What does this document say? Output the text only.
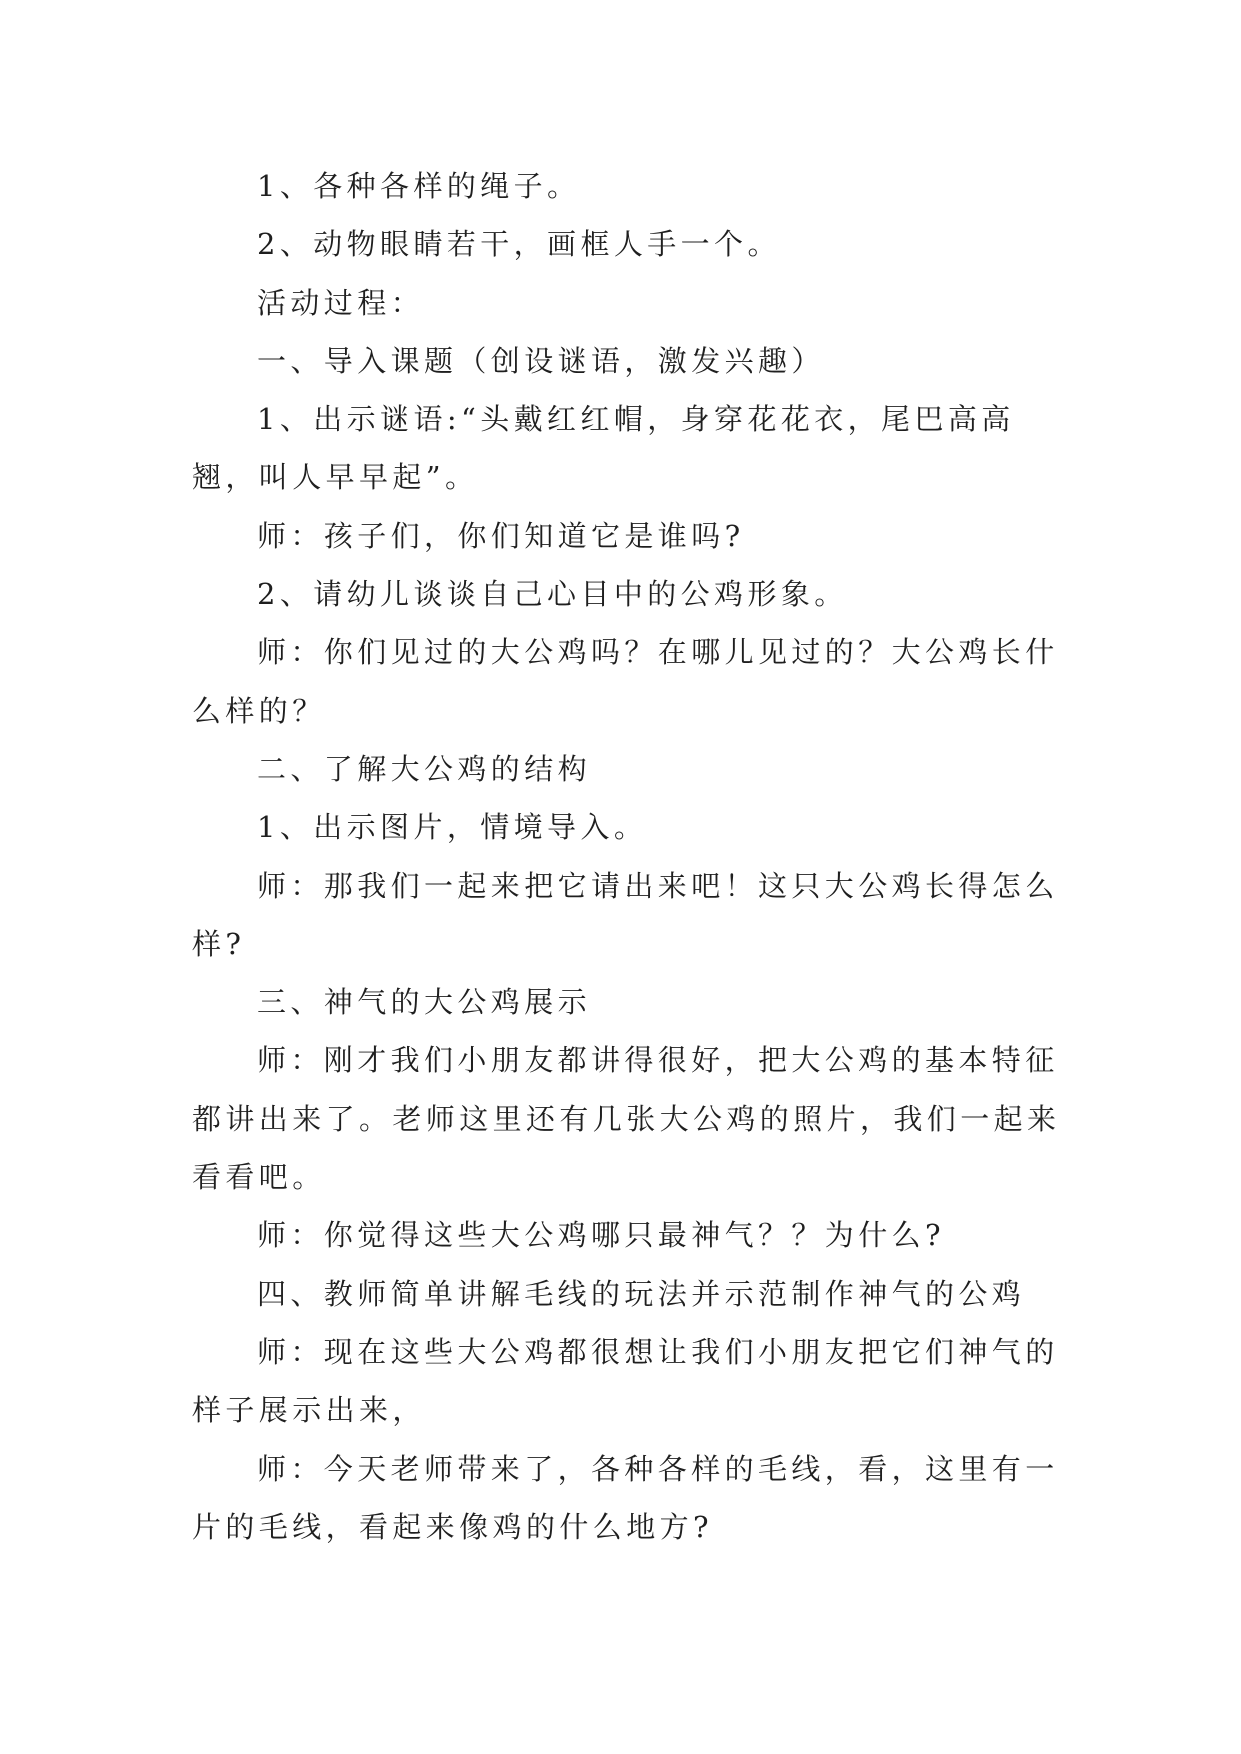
1、各种各样的绳子。

2、动物眼睛若干，画框人手一个。

活动过程：

一、导入课题（创设谜语，激发兴趣）

1、出示谜语:“头戴红红帽，身穿花花衣，尾巴高高翘，叫人早早起”。

师：孩子们，你们知道它是谁吗?

2、请幼儿谈谈自己心目中的公鸡形象。

师：你们见过的大公鸡吗？在哪儿见过的？大公鸡长什么样的？

二、了解大公鸡的结构

1、出示图片，情境导入。

师：那我们一起来把它请出来吧！这只大公鸡长得怎么样?

三、神气的大公鸡展示

师：刚才我们小朋友都讲得很好，把大公鸡的基本特征都讲出来了。老师这里还有几张大公鸡的照片，我们一起来看看吧。

师：你觉得这些大公鸡哪只最神气？？为什么?

四、教师简单讲解毛线的玩法并示范制作神气的公鸡

师：现在这些大公鸡都很想让我们小朋友把它们神气的样子展示出来，

师：今天老师带来了，各种各样的毛线，看，这里有一片的毛线，看起来像鸡的什么地方?
